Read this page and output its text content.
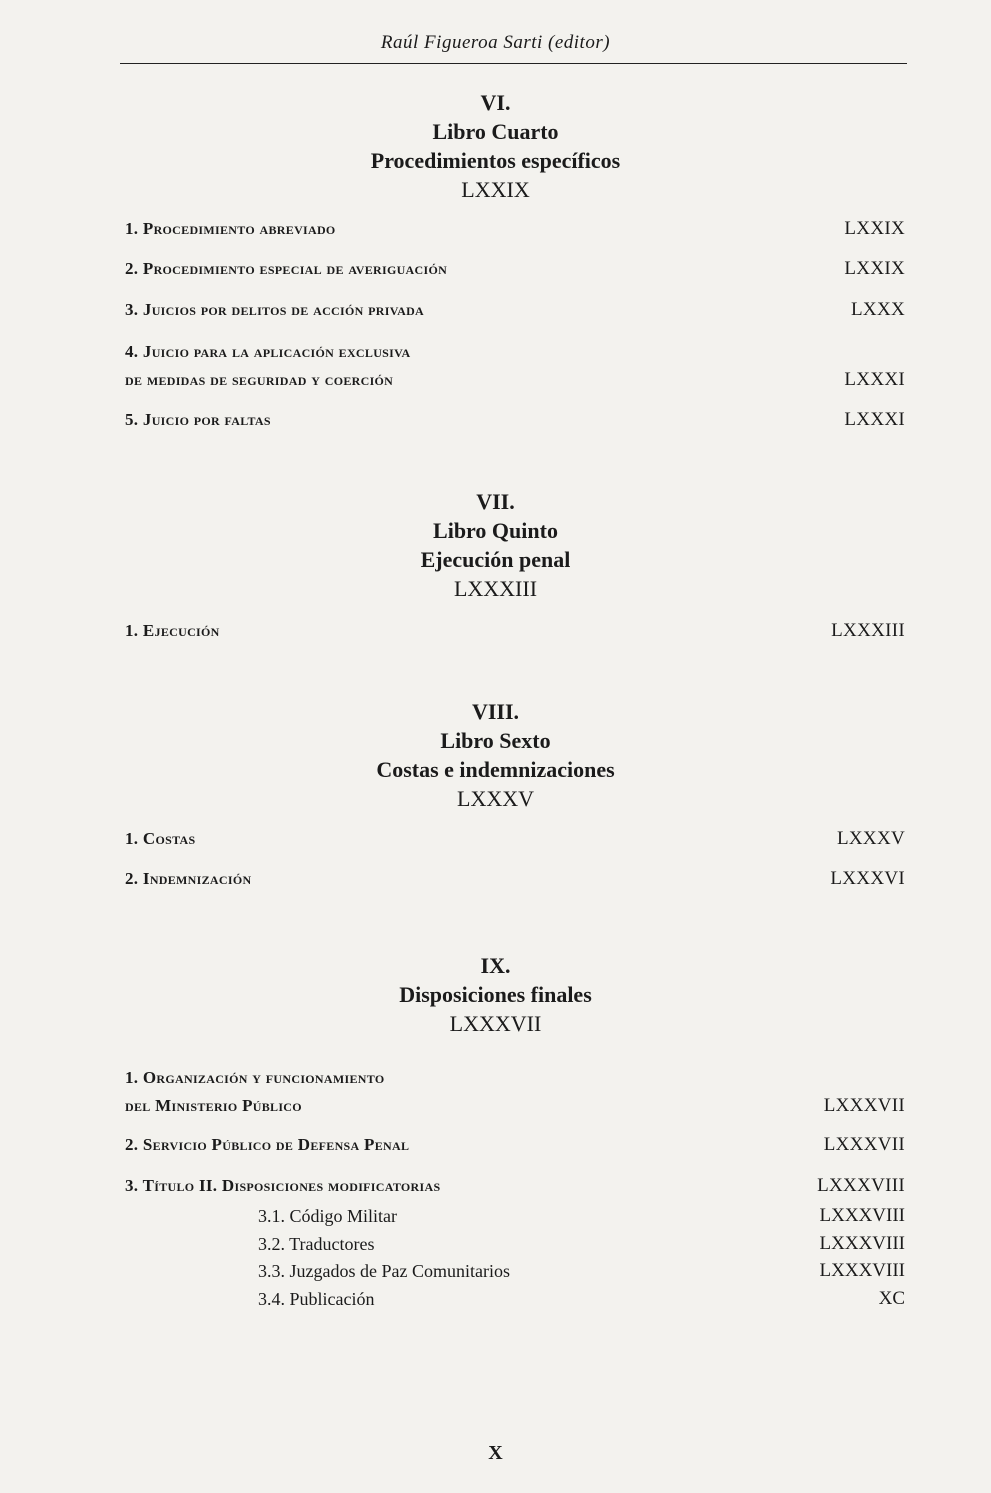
Raúl Figueroa Sarti (editor)
VI.
Libro Cuarto
Procedimientos específicos
LXXIX
1. Procedimiento abreviado	LXXIX
2. Procedimiento especial de averiguación	LXXIX
3. Juicios por delitos de acción privada	LXXX
4. Juicio para la aplicación exclusiva
de medidas de seguridad y coerción	LXXXI
5. Juicio por faltas	LXXXI
VII.
Libro Quinto
Ejecución penal
LXXXIII
1. Ejecución	LXXXIII
VIII.
Libro Sexto
Costas e indemnizaciones
LXXXV
1. Costas	LXXXV
2. Indemnización	LXXXVI
IX.
Disposiciones finales
LXXXVII
1. Organización y funcionamiento
del Ministerio Público	LXXXVII
2. Servicio Público de Defensa Penal	LXXXVII
3. Título II. Disposiciones modificatorias	LXXXVIII
3.1. Código Militar	LXXXVIII
3.2. Traductores	LXXXVIII
3.3. Juzgados de Paz Comunitarios	LXXXVIII
3.4. Publicación	XC
X
